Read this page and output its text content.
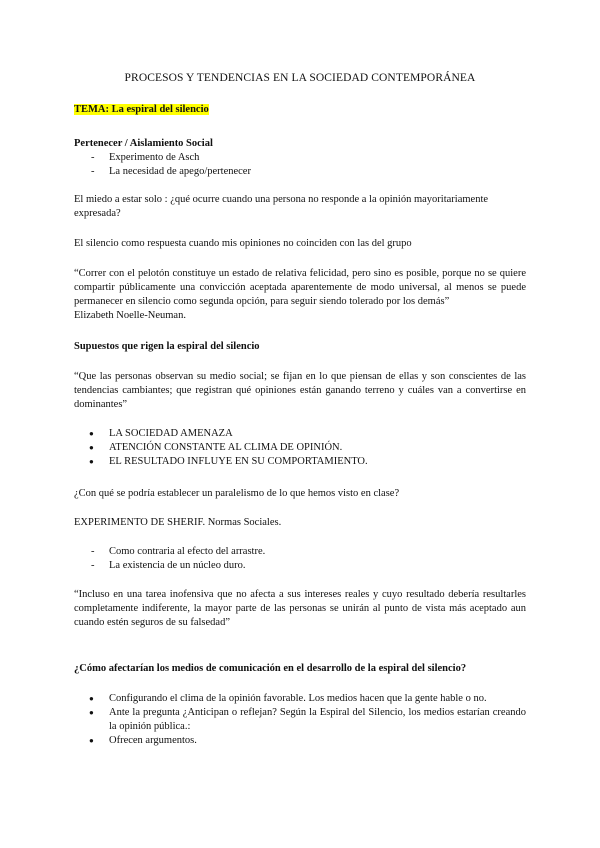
PROCESOS Y TENDENCIAS EN LA SOCIEDAD CONTEMPORÁNEA
TEMA: La espiral del silencio
Pertenecer / Aislamiento Social
- Experimento de Asch
- La necesidad de apego/pertenecer
El miedo a estar solo : ¿qué ocurre cuando una persona no responde a la opinión mayoritariamente expresada?
El silencio como respuesta cuando mis opiniones no coinciden con las del grupo
“Correr con el pelotón constituye un estado de relativa felicidad, pero sino es posible, porque no se quiere compartir públicamente una convicción aceptada aparentemente de modo universal, al menos se puede permanecer en silencio como segunda opción, para seguir siendo tolerado por los demás”
Elizabeth Noelle-Neuman.
Supuestos que rigen la espiral del silencio
“Que las personas observan su medio social; se fijan en lo que piensan de ellas y son conscientes de las tendencias cambiantes; que registran qué opiniones están ganando terreno y cuáles van a convertirse en dominantes”
● LA SOCIEDAD AMENAZA
● ATENCIÓN CONSTANTE AL CLIMA DE OPINIÓN.
● EL RESULTADO INFLUYE EN SU COMPORTAMIENTO.
¿Con qué se podría establecer un paralelismo de lo que hemos visto en clase?
EXPERIMENTO DE SHERIF. Normas Sociales.
- Como contraria al efecto del arrastre.
- La existencia de un núcleo duro.
“Incluso en una tarea inofensiva que no afecta a sus intereses reales y cuyo resultado debería resultarles completamente indiferente, la mayor parte de las personas se unirán al punto de vista más aceptado aun cuando estén seguros de su falsedad”
¿Cómo afectarían los medios de comunicación en el desarrollo de la espiral del silencio?
● Configurando el clima de la opinión favorable. Los medios hacen que la gente hable o no.
● Ante la pregunta ¿Anticipan o reflejan? Según la Espiral del Silencio, los medios estarían creando la opinión pública.:
● Ofrecen argumentos.
